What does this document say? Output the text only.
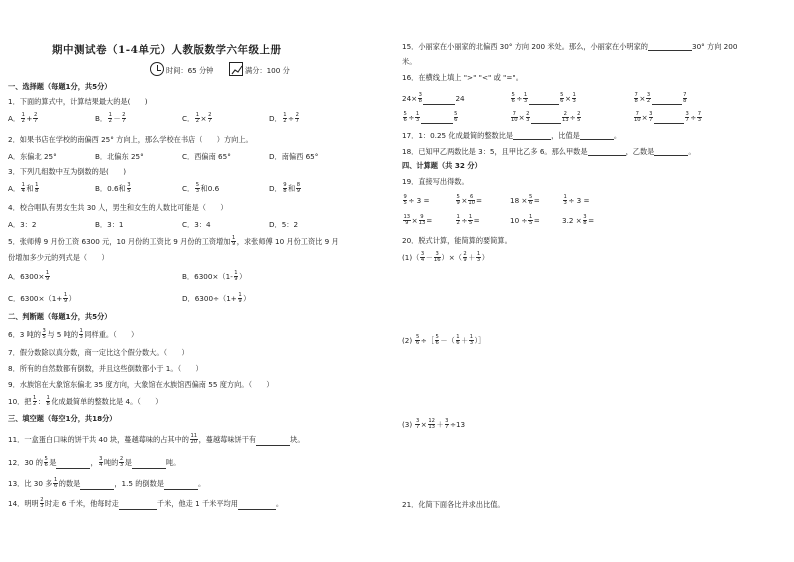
期中测试卷（1-4单元）人教版数学六年级上册
时间：65 分钟	满分：100 分
一、选择题（每题1分，共5分）
1．下面的算式中，计算结果最大的是(　　)
A． $\frac{1}{2} + \frac{2}{7}$	B． $\frac{1}{2} - \frac{2}{7}$	C． $\frac{1}{2} \times \frac{2}{7}$	D． $\frac{1}{2} \div \frac{2}{7}$
2．如果书店在学校的南偏西 25° 方向上，那么学校在书店（　　）方向上。
A．东偏北 25°	B．北偏东 25°	C．西偏南 65°	D．南偏西 65°
3．下列几组数中互为倒数的是(　　)
A． $\frac{1}{4}$ 和 $\frac{1}{8}$	B．0.6和 $\frac{3}{5}$	C． $\frac{5}{3}$ 和0.6	D． $\frac{9}{8}$ 和 $\frac{8}{9}$
4．校合唱队有男女生共 30 人，男生和女生的人数比可能是（　　）
A．3：2	B．3：1	C．3：4	D．5：2
5．张师傅 9 月份工资 6300 元，10 月份的工资比 9 月份的工资增加 $\frac{1}{9}$ ，求张师傅 10 月份工资比 9 月
份增加多少元的列式是（　　）
A．$6300\times \frac{1}{9}$	B．$6300\times(1- \frac{1}{9}$ ）
C．$6300\times(1+ \frac{1}{9}$ ）	D．$6300\div(1+ \frac{1}{9}$ ）
二、判断题（每题1分，共5分）
6．3 吨的 $\frac{3}{5}$ 与 5 吨的 $\frac{1}{3}$ 同样重。（　　）
7．假分数除以真分数，商一定比这个假分数大。（　　）
8．所有的自然数都有倒数，并且这些倒数都小于 1。（　　）
9．水族馆在大象馆东偏北 35 度方向，大象馆在水族馆西偏南 55 度方向。（　　）
10．把 $\frac{1}{2}$ ： $\frac{1}{8}$ 化成最简单的整数比是 4。（　　）
三、填空题（每空1分，共18分）
11．一盒蛋白口味的饼干共 40 块，蔓越莓味的占其中的 $\frac{11}{20}$ ，蔓越莓味饼干有	块。
12．30 的 $\frac{5}{6}$ 是	， $\frac{3}{4}$ 吨的 $\frac{2}{3}$ 是	吨。
13．比 30 多 $\frac{1}{6}$ 的数是	，1.5 的倒数是	。
14．明明 $\frac{2}{3}$ 时走 6 千米，他每时走	千米，他走 1 千米平均用	。
15．小丽家在小丽家的北偏西 30° 方向 200 米处。那么，小丽家在小明家的	30° 方向 200
米。
16．在横线上填上 ">" "<" 或 "="。
$24\times \frac{3}{8}$	24	$\frac{5}{6} \div \frac{1}{3}$	$\frac{5}{6} \times \frac{1}{3}$	$\frac{7}{8} \times \frac{3}{2}$	$\frac{7}{8}$
$\frac{5}{6} \div \frac{1}{3}$	$\frac{5}{6}$	$\frac{7}{10} \times \frac{2}{3}$	$\frac{2}{13} \div \frac{2}{5}$	$\frac{7}{10} \times \frac{3}{7}$	$\frac{3}{7} \div \frac{7}{3}$
17．1：0.25 化成最简的整数比是	，比值是	。
18．已知甲乙两数比是 3：5，且甲比乙多 6。那么甲数是	，乙数是	。
四、计算题（共 32 分）
19．直接写出得数。
$\frac{9}{5} \div 3$ =	$\frac{5}{9} \times \frac{6}{10}$ =	$18 \times \frac{5}{6}$ =	$\frac{1}{3} \div 3$ =
$\frac{13}{9} \times \frac{9}{13}$ =	$\frac{1}{2} \div \frac{1}{5}$ =	$10 \div \frac{1}{5}$ =	$3.2 \times \frac{3}{8}$ =
20．脱式计算，能简算的要简算。
$(1)( \frac{3}{4} - \frac{3}{16}$ ）×（ $\frac{2}{9} + \frac{1}{3}$ ）
$(2) \frac{5}{6}$ ÷［ $\frac{5}{6}$ －（ $\frac{1}{6} + \frac{1}{3}$ ）］
$(3) \frac{3}{7} \times \frac{12}{13} + \frac{3}{7} \div 13$
21．化简下面各比并求出比值。
